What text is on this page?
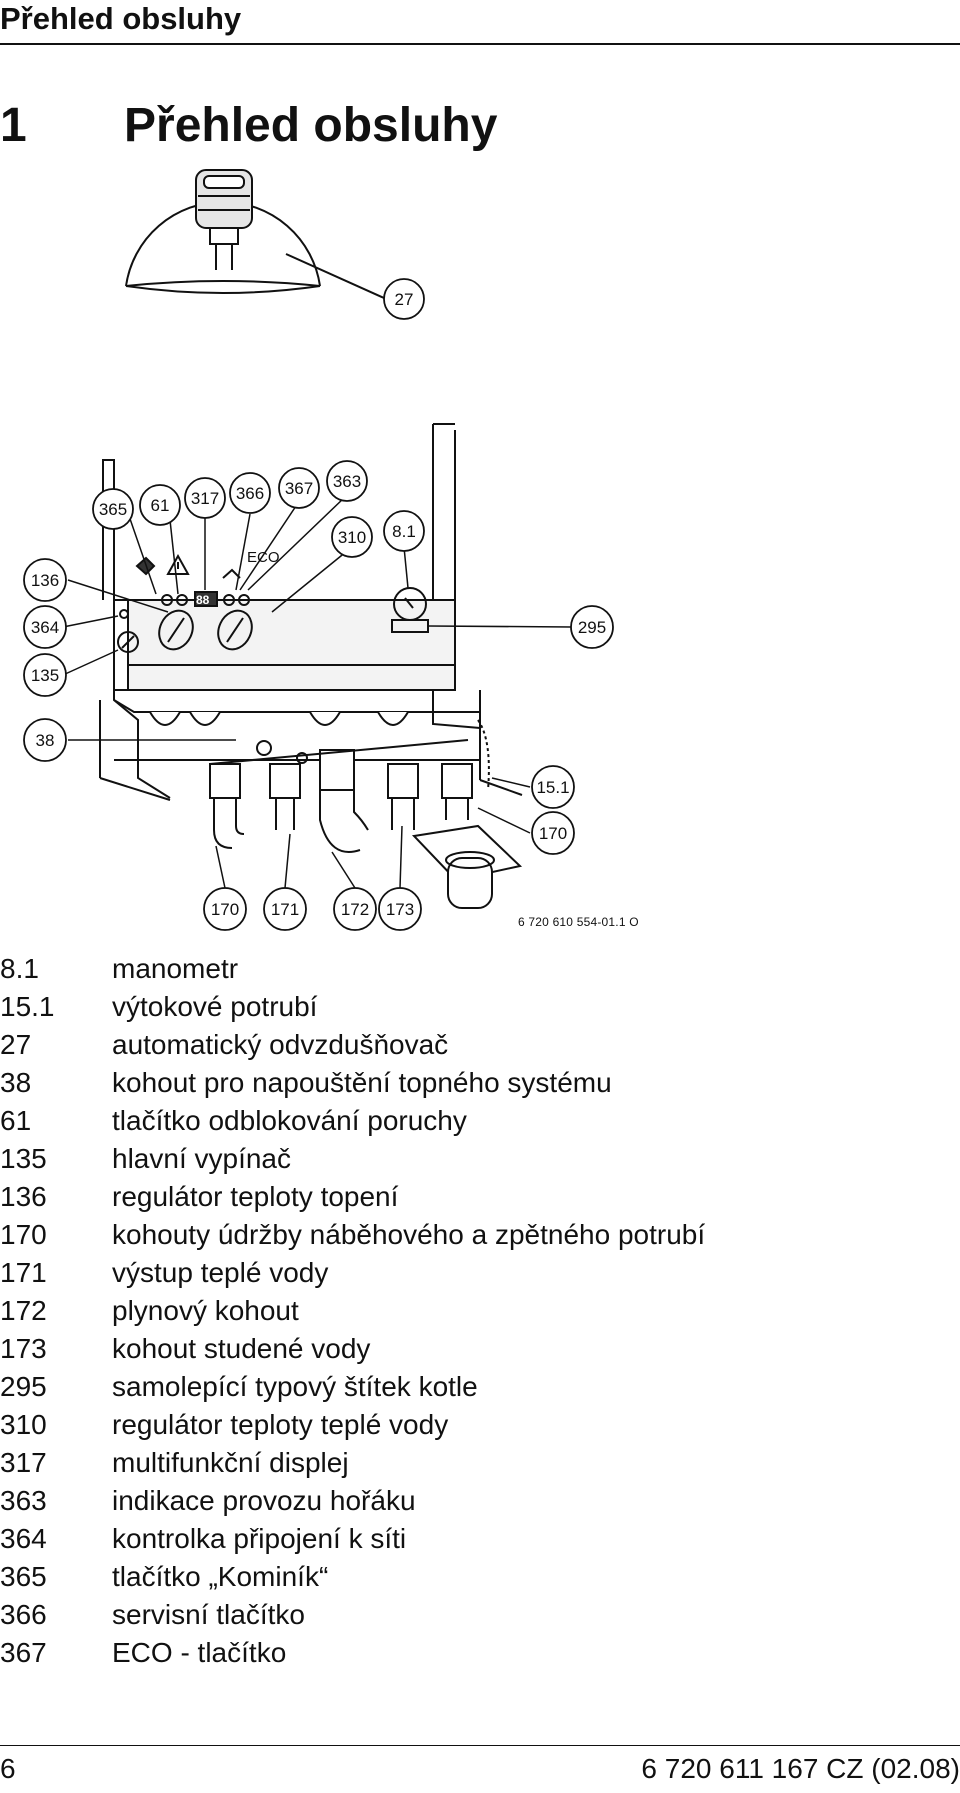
Přehled obsluhy
1 Přehled obsluhy
ECO
88
27
365 61 317 366 367 363
310 8.1
136
364
135
38
295
15.1
170
170 171 172 173
6 720 610 554-01.1 O
8.1	manometr
15.1	výtokové potrubí
27	automatický odvzdušňovač
38	kohout pro napouštění topného systému
61	tlačítko odblokování poruchy
135	hlavní vypínač
136	regulátor teploty topení
170	kohouty údržby náběhového a zpětného potrubí
171	výstup teplé vody
172	plynový kohout
173	kohout studené vody
295	samolepící typový štítek kotle
310	regulátor teploty teplé vody
317	multifunkční displej
363	indikace provozu hořáku
364	kontrolka připojení k síti
365	tlačítko „Kominík“
366	servisní tlačítko
367	ECO - tlačítko
6	6 720 611 167 CZ (02.08)
